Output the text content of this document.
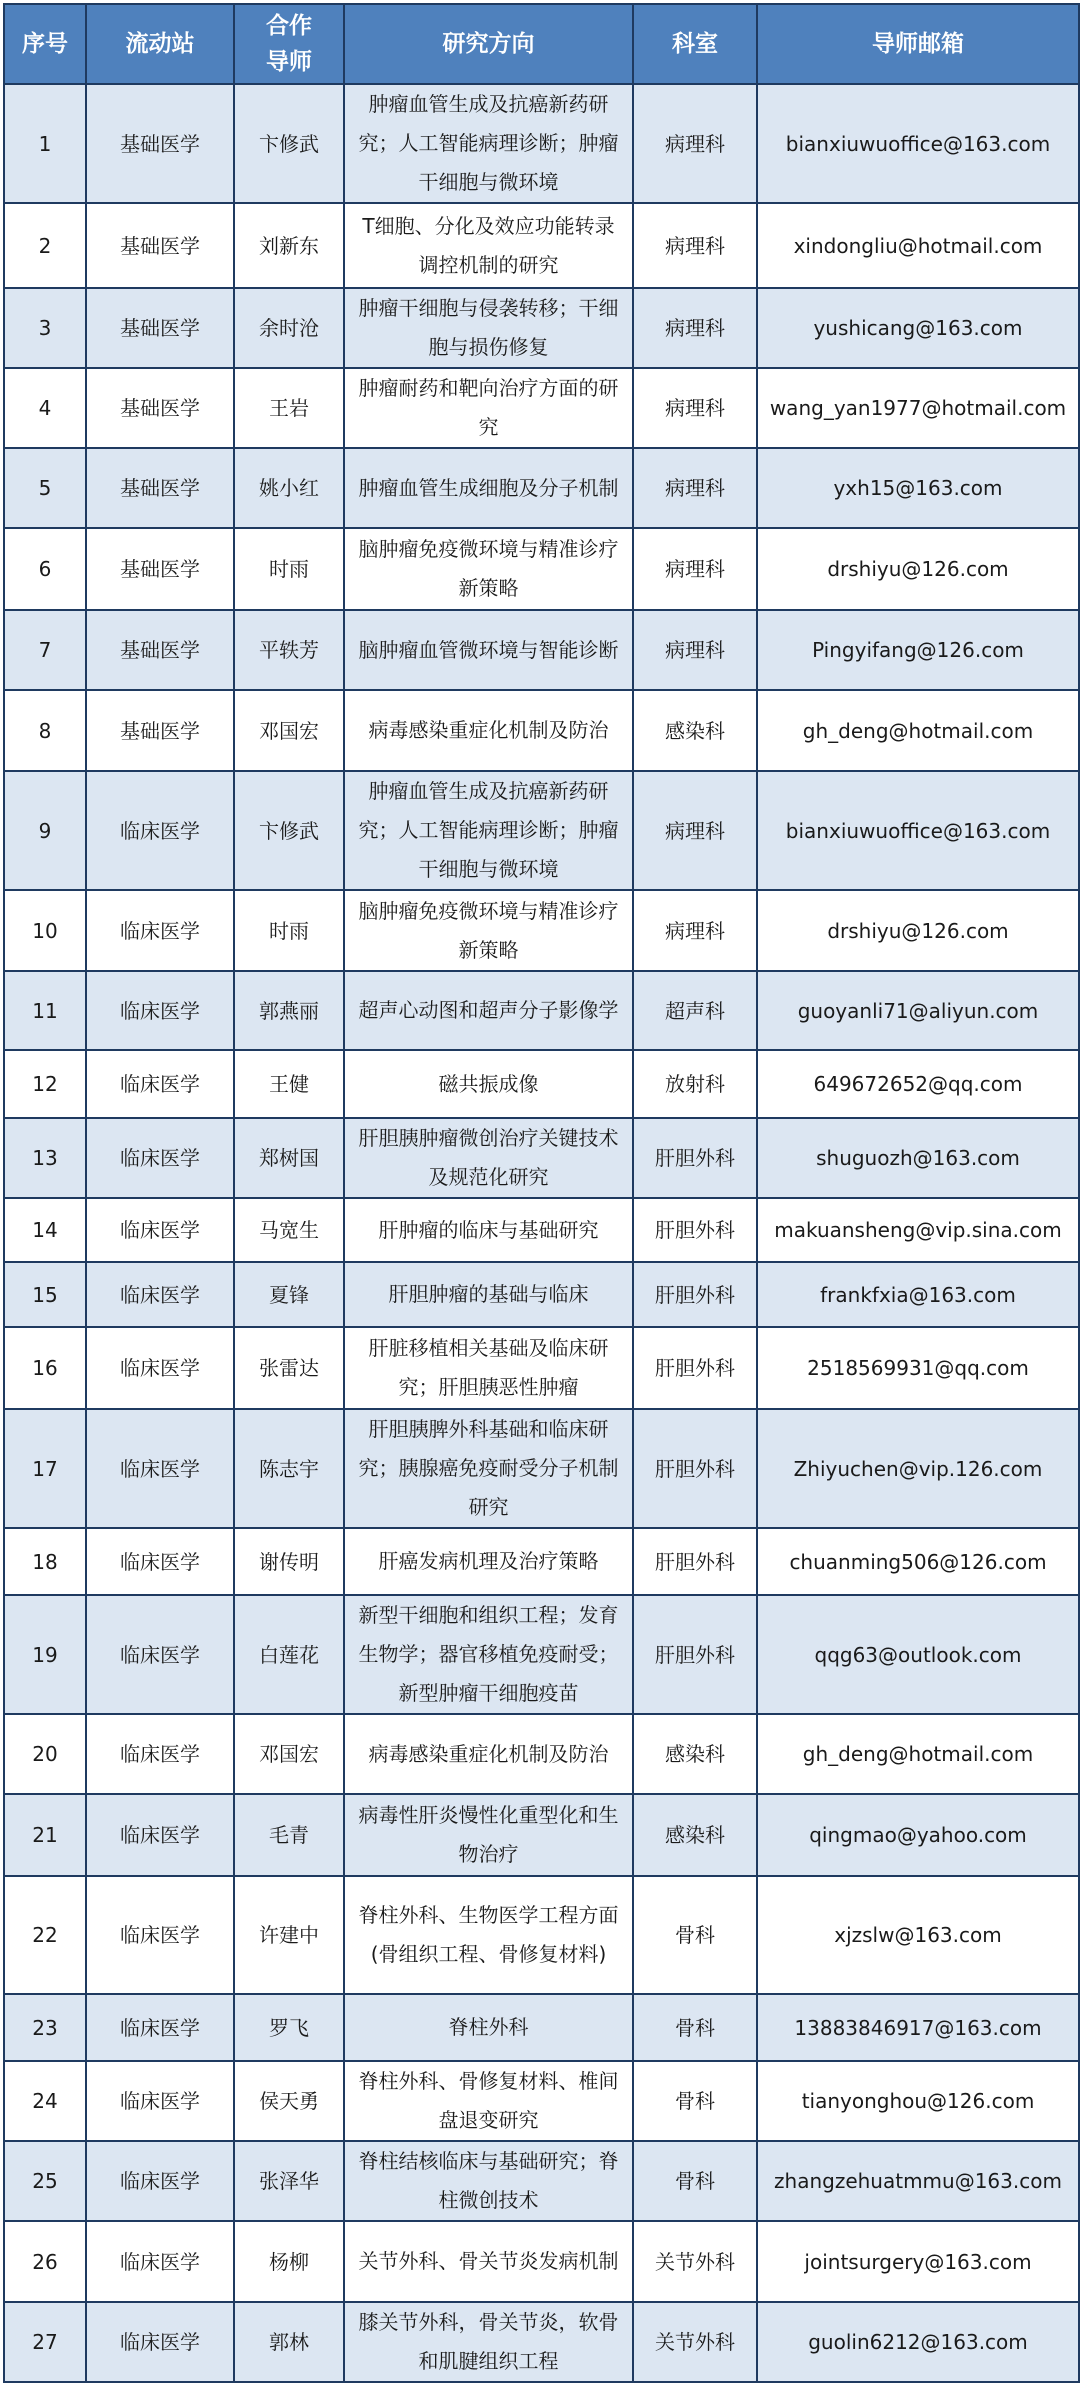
序号	流动站	合作导师	研究方向	科室	导师邮箱
1	基础医学	卞修武	肿瘤血管生成及抗癌新药研究；人工智能病理诊断；肿瘤干细胞与微环境	病理科	bianxiuwuoffice@163.com
2	基础医学	刘新东	T细胞、分化及效应功能转录调控机制的研究	病理科	xindongliu@hotmail.com
3	基础医学	余时沧	肿瘤干细胞与侵袭转移；干细胞与损伤修复	病理科	yushicang@163.com
4	基础医学	王岩	肿瘤耐药和靶向治疗方面的研究	病理科	wang_yan1977@hotmail.com
5	基础医学	姚小红	肿瘤血管生成细胞及分子机制	病理科	yxh15@163.com
6	基础医学	时雨	脑肿瘤免疫微环境与精准诊疗新策略	病理科	drshiyu@126.com
7	基础医学	平轶芳	脑肿瘤血管微环境与智能诊断	病理科	Pingyifang@126.com
8	基础医学	邓国宏	病毒感染重症化机制及防治	感染科	gh_deng@hotmail.com
9	临床医学	卞修武	肿瘤血管生成及抗癌新药研究；人工智能病理诊断；肿瘤干细胞与微环境	病理科	bianxiuwuoffice@163.com
10	临床医学	时雨	脑肿瘤免疫微环境与精准诊疗新策略	病理科	drshiyu@126.com
11	临床医学	郭燕丽	超声心动图和超声分子影像学	超声科	guoyanli71@aliyun.com
12	临床医学	王健	磁共振成像	放射科	649672652@qq.com
13	临床医学	郑树国	肝胆胰肿瘤微创治疗关键技术及规范化研究	肝胆外科	shuguozh@163.com
14	临床医学	马宽生	肝肿瘤的临床与基础研究	肝胆外科	makuansheng@vip.sina.com
15	临床医学	夏锋	肝胆肿瘤的基础与临床	肝胆外科	frankfxia@163.com
16	临床医学	张雷达	肝脏移植相关基础及临床研究；肝胆胰恶性肿瘤	肝胆外科	2518569931@qq.com
17	临床医学	陈志宇	肝胆胰脾外科基础和临床研究；胰腺癌免疫耐受分子机制研究	肝胆外科	Zhiyuchen@vip.126.com
18	临床医学	谢传明	肝癌发病机理及治疗策略	肝胆外科	chuanming506@126.com
19	临床医学	白莲花	新型干细胞和组织工程；发育生物学；器官移植免疫耐受；新型肿瘤干细胞疫苗	肝胆外科	qqg63@outlook.com
20	临床医学	邓国宏	病毒感染重症化机制及防治	感染科	gh_deng@hotmail.com
21	临床医学	毛青	病毒性肝炎慢性化重型化和生物治疗	感染科	qingmao@yahoo.com
22	临床医学	许建中	脊柱外科、生物医学工程方面(骨组织工程、骨修复材料)	骨科	xjzslw@163.com
23	临床医学	罗飞	脊柱外科	骨科	13883846917@163.com
24	临床医学	侯天勇	脊柱外科、骨修复材料、椎间盘退变研究	骨科	tianyonghou@126.com
25	临床医学	张泽华	脊柱结核临床与基础研究；脊柱微创技术	骨科	zhangzehuatmmu@163.com
26	临床医学	杨柳	关节外科、骨关节炎发病机制	关节外科	jointsurgery@163.com
27	临床医学	郭林	膝关节外科，骨关节炎，软骨和肌腱组织工程	关节外科	guolin6212@163.com
